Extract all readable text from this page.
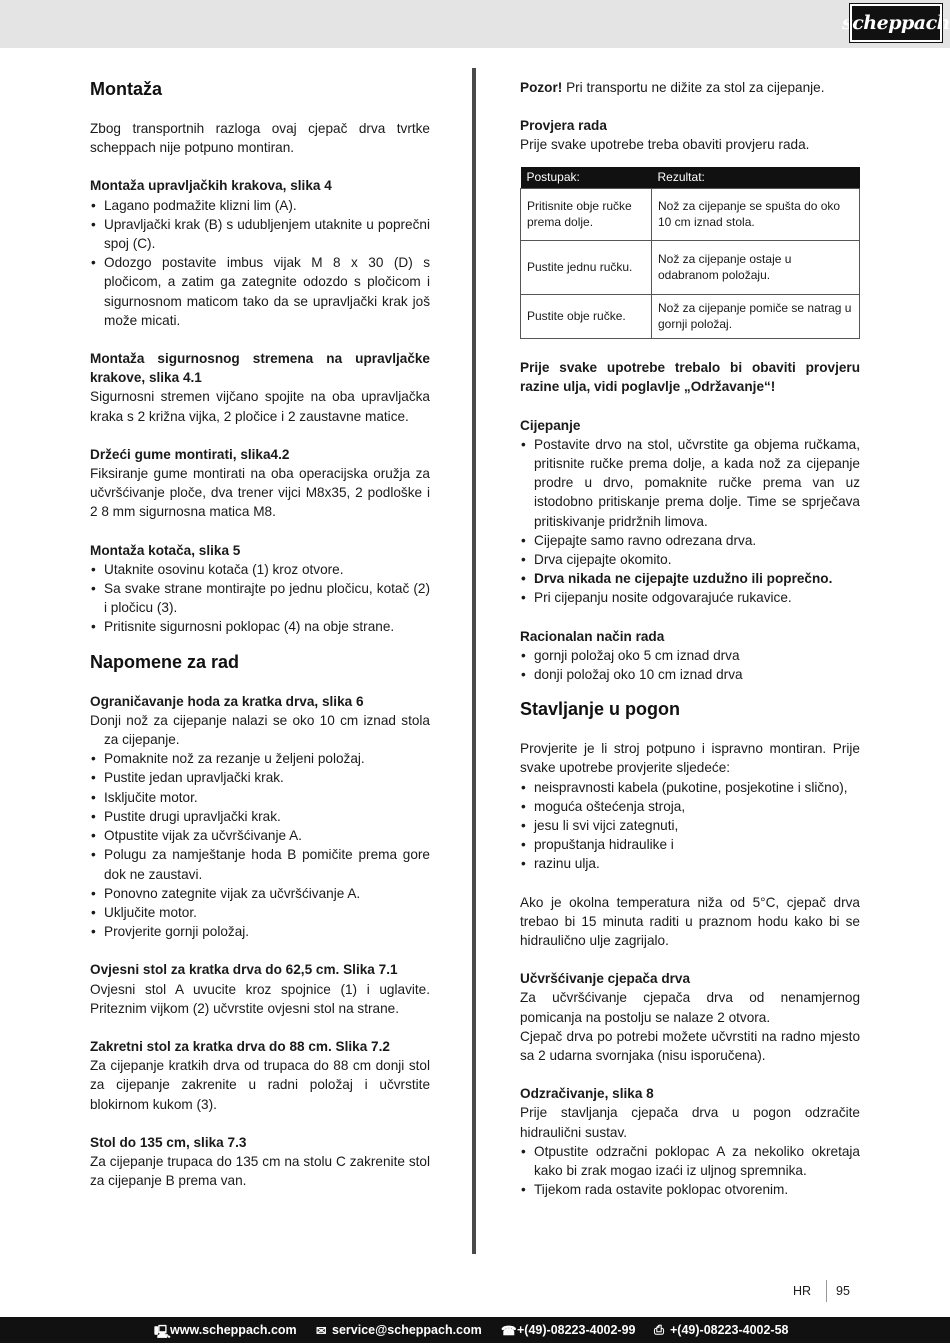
scheppach
Montaža

Zbog transportnih razloga ovaj cjepač drva tvrtke scheppach nije potpuno montiran.

Montaža upravljačkih krakova, slika 4

• Lagano podmažite klizni lim (A).
• Upravljački krak (B) s udubljenjem utaknite u poprečni spoj (C).
• Odozgo postavite imbus vijak M 8 x 30 (D) s pločicom, a zatim ga zategnite odozdo s pločicom i sigurnosnom maticom tako da se upravljački krak još može micati.

Montaža sigurnosnog stremena na upravljačke krakove, slika 4.1

Sigurnosni stremen vijčano spojite na oba upravljačka kraka s 2 križna vijka, 2 pločice i 2 zaustavne matice.

Držeći gume montirati, slika4.2

Fiksiranje gume montirati na oba operacijska oružja za učvršćivanje ploče, dva trener vijci M8x35, 2 podloške i 2 8 mm sigurnosna matica M8.

Montaža kotača, slika 5

• Utaknite osovinu kotača (1) kroz otvore.
• Sa svake strane montirajte po jednu pločicu, kotač (2) i pločicu (3).
• Pritisnite sigurnosni poklopac (4) na obje strane.
Napomene za rad

Ograničavanje hoda za kratka drva, slika 6

Donji nož za cijepanje nalazi se oko 10 cm iznad stola za cijepanje.

• Pomaknite nož za rezanje u željeni položaj.
• Pustite jedan upravljački krak.
• Isključite motor.
• Pustite drugi upravljački krak.
• Otpustite vijak za učvršćivanje A.
• Polugu za namještanje hoda B pomičite prema gore dok ne zaustavi.
• Ponovno zategnite vijak za učvršćivanje A.
• Uključite motor.
• Provjerite gornji položaj.

Ovjesni stol za kratka drva do 62,5 cm. Slika 7.1

Ovjesni stol A uvucite kroz spojnice (1) i uglavite. Priteznim vijkom (2) učvrstite ovjesni stol na strane.

Zakretni stol za kratka drva do 88 cm. Slika 7.2

Za cijepanje kratkih drva od trupaca do 88 cm donji stol za cijepanje zakrenite u radni položaj i učvrstite blokirnom kukom (3).

Stol do 135 cm, slika 7.3

Za cijepanje trupaca do 135 cm na stolu C zakrenite stol za cijepanje B prema van.

Pozor! Pri transportu ne dižite za stol za cijepanje.

Provjera rada

Prije svake upotrebe treba obaviti provjeru rada.

Postupak:	Rezultat:
Pritisnite obje ručke prema dolje.	Nož za cijepanje se spušta do oko 10 cm iznad stola.
Pustite jednu ručku.	Nož za cijepanje ostaje u odabranom položaju.
Pustite obje ručke.	Nož za cijepanje pomiče se natrag u gornji položaj.

Prije svake upotrebe trebalo bi obaviti provjeru razine ulja, vidi poglavlje „Održavanje“!

Cijepanje

• Postavite drvo na stol, učvrstite ga objema ručkama, pritisnite ručke prema dolje, a kada nož za cijepanje prodre u drvo, pomaknite ručke prema van uz istodobno pritiskanje prema dolje. Time se sprječava pritiskivanje pridržnih limova.
• Cijepajte samo ravno odrezana drva.
• Drva cijepajte okomito.
• Drva nikada ne cijepajte uzdužno ili poprečno.
• Pri cijepanju nosite odgovarajuće rukavice.

Racionalan način rada

• gornji položaj oko 5 cm iznad drva
• donji položaj oko 10 cm iznad drva
Stavljanje u pogon

Provjerite je li stroj potpuno i ispravno montiran. Prije svake upotrebe provjerite sljedeće:

• neispravnosti kabela (pukotine, posjekotine i slično),
• moguća oštećenja stroja,
• jesu li svi vijci zategnuti,
• propuštanja hidraulike i
• razinu ulja.

Ako je okolna temperatura niža od 5°C, cjepač drva trebao bi 15 minuta raditi u praznom hodu kako bi se hidraulično ulje zagrijalo.

Učvršćivanje cjepača drva

Za učvršćivanje cjepača drva od nenamjernog pomicanja na postolju se nalaze 2 otvora.

Cjepač drva po potrebi možete učvrstiti na radno mjesto sa 2 udarna svornjaka (nisu isporučena).

Odzračivanje, slika 8

Prije stavljanja cjepača drva u pogon odzračite hidraulični sustav.

• Otpustite odzračni poklopac A za nekoliko okretaja kako bi zrak mogao izaći iz uljnog spremnika.
• Tijekom rada ostavite poklopac otvorenim.
HR 95
🖳 www.scheppach.com ✉ service@scheppach.com ☎ +(49)-08223-4002-99 ⎙ +(49)-08223-4002-58
